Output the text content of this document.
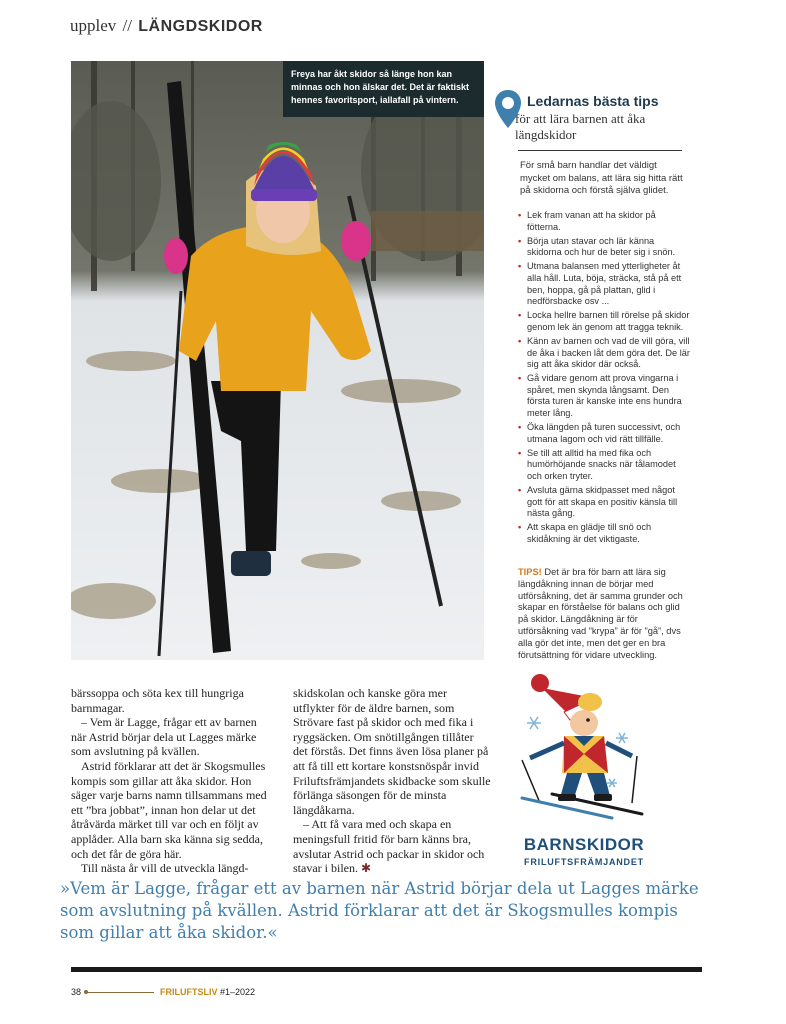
upplev // LÄNGDSKIDOR
Freya har åkt skidor så länge hon kan minnas och hon älskar det. Det är faktiskt hennes favoritsport, iallafall på vintern.	Ledarnas bästa tips
för att lära barnen att åka längdskidor
För små barn handlar det väldigt mycket om balans, att lära sig hitta rätt på skidorna och förstå själva glidet.
• Lek fram vanan att ha skidor på fötterna.
• Börja utan stavar och lär känna skidorna och hur de beter sig i snön.
• Utmana balansen med ytterligheter åt alla håll. Luta, böja, sträcka, stå på ett ben, hoppa, gå på plattan, glid i nedförsbacke osv ...
• Locka hellre barnen till rörelse på skidor genom lek än genom att tragga teknik.
• Känn av barnen och vad de vill göra, vill de åka i backen låt dem göra det. De lär sig att åka skidor där också.
• Gå vidare genom att prova vingarna i spåret, men skynda långsamt. Den första turen är kanske inte ens hundra meter lång.
• Öka längden på turen successivt, och utmana lagom och vid rätt tillfälle.
• Se till att alltid ha med fika och humörhöjande snacks när tålamodet och orken tryter.
• Avsluta gärna skidpasset med något gott för att skapa en positiv känsla till nästa gång.
• Att skapa en glädje till snö och skidåkning är det viktigaste.
TIPS! Det är bra för barn att lära sig längdåkning innan de börjar med utförsåkning, det är samma grunder och skapar en förståelse för balans och glid på skidor. Längdåkning är för utförsåkning vad ”krypa” är för ”gå”, dvs alla gör det inte, men det ger en bra förutsättning för vidare utveckling.
BARNSKIDOR
FRILUFTSFRÄMJANDET

bärssoppa och söta kex till hungriga barnmagar.

– Vem är Lagge, frågar ett av barnen när Astrid börjar dela ut Lagges märke som avslutning på kvällen.

Astrid förklarar att det är Skogsmulles kompis som gillar att åka skidor. Hon säger varje barns namn tillsammans med ett ”bra jobbat”, innan hon delar ut det åtråvärda märket till var och en följt av applåder. Alla barn ska känna sig sedda, och det får de göra här.

Till nästa år vill de utveckla längd-

skidskolan och kanske göra mer utflykter för de äldre barnen, som Strövare fast på skidor och med fika i ryggsäcken. Om snötillgången tillåter det förstås. Det finns även lösa planer på att få till ett kortare konstsnöspår invid Friluftsfrämjandets skidbacke som skulle förlänga säsongen för de minsta längdåkarna.

– Att få vara med och skapa en meningsfull fritid för barn känns bra, avslutar Astrid och packar in skidor och stavar i bilen. ✱

»Vem är Lagge, frågar ett av barnen när Astrid börjar dela ut Lagges märke som avslutning på kvällen. Astrid förklarar att det är Skogsmulles kompis som gillar att åka skidor.«
38	FRILUFTSLIV #1–2022
